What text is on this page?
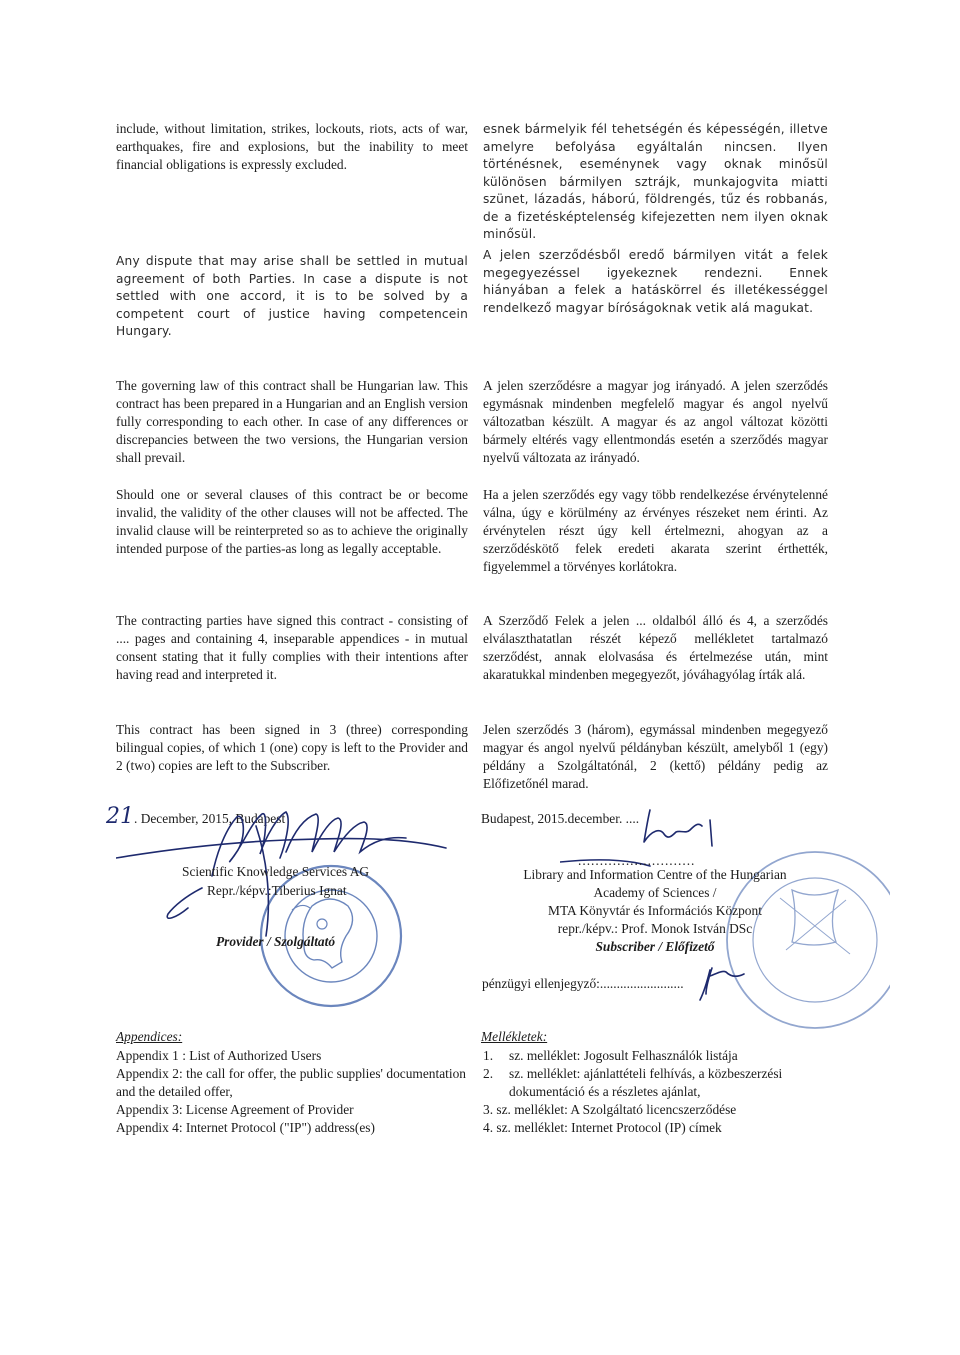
include, without limitation, strikes, lockouts, riots, acts of war, earthquakes, fire and explosions, but the inability to meet financial obligations is expressly excluded.

Any dispute that may arise shall be settled in mutual agreement of both Parties. In case a dispute is not settled with one accord, it is to be solved by a competent court of justice having competencein Hungary.

The governing law of this contract shall be Hungarian law. This contract has been prepared in a Hungarian and an English version fully corresponding to each other. In case of any differences or discrepancies between the two versions, the Hungarian version shall prevail.

Should one or several clauses of this contract be or become invalid, the validity of the other clauses will not be affected. The invalid clause will be reinterpreted so as to achieve the originally intended purpose of the parties-as long as legally acceptable.

The contracting parties have signed this contract - consisting of .... pages and containing 4, inseparable appendices - in mutual consent stating that it fully complies with their intentions after having read and interpreted it.

This contract has been signed in 3 (three) corresponding bilingual copies, of which 1 (one) copy is left to the Provider and 2 (two) copies are left to the Subscriber.

esnek bármelyik fél tehetségén és képességén, illetve amelyre befolyása egyáltalán nincsen. Ilyen történésnek, eseménynek vagy oknak minősül különösen bármilyen sztrájk, munkajogvita miatti szünet, lázadás, háború, földrengés, tűz és robbanás, de a fizetésképtelenség kifejezetten nem ilyen oknak minősül.

A jelen szerződésből eredő bármilyen vitát a felek megegyezéssel igyekeznek rendezni. Ennek hiányában a felek a hatáskörrel és illetékességgel rendelkező magyar bíróságoknak vetik alá magukat.

A jelen szerződésre a magyar jog irányadó. A jelen szerződés egymásnak mindenben megfelelő magyar és angol nyelvű változatban készült. A magyar és az angol változat közötti bármely eltérés vagy ellentmondás esetén a szerződés magyar nyelvű változata az irányadó.

Ha a jelen szerződés egy vagy több rendelkezése érvénytelenné válna, úgy e körülmény az érvényes részeket nem érinti. Az érvénytelen részt úgy kell értelmezni, ahogyan az a szerződéskötő felek eredeti akarata szerint érthették, figyelemmel a törvényes korlátokra.

A Szerződő Felek a jelen ... oldalból álló és 4, a szerződés elválaszthatatlan részét képező mellékletet tartalmazó szerződést, annak elolvasása és értelmezése után, mint akaratukkal mindenben megegyezőt, jóváhagyólag írták alá.

Jelen szerződés 3 (három), egymással mindenben megegyező magyar és angol nyelvű példányban készült, amelyből 1 (egy) példány a Szolgáltatónál, 2 (kettő) példány pedig az Előfizetőnél marad.

21 . December, 2015, Budapest
Scientific Knowledge Services AG
Repr./képv.:Tiberius Ignat
Provider / Szolgáltató
Budapest, 2015.december. ....
...........................
Library and Information Centre of the Hungarian
Academy of Sciences /
MTA Könyvtár és Információs Központ
repr./képv.: Prof. Monok István DSc
Subscriber / Előfizető
pénzügyi ellenjegyző:.........................
Appendices:
Appendix 1 : List of Authorized Users
Appendix 2: the call for offer, the public supplies' documentation and the detailed offer,
Appendix 3: License Agreement of Provider
Appendix 4: Internet Protocol ("IP") address(es)
Mellékletek:
1. sz. melléklet: Jogosult Felhasználók listája
2.	sz. melléklet: ajánlattételi felhívás, a közbeszerzési dokumentáció és a részletes ajánlat,
3. sz. melléklet: A Szolgáltató licencszerződése
4. sz. melléklet: Internet Protocol (IP) címek
